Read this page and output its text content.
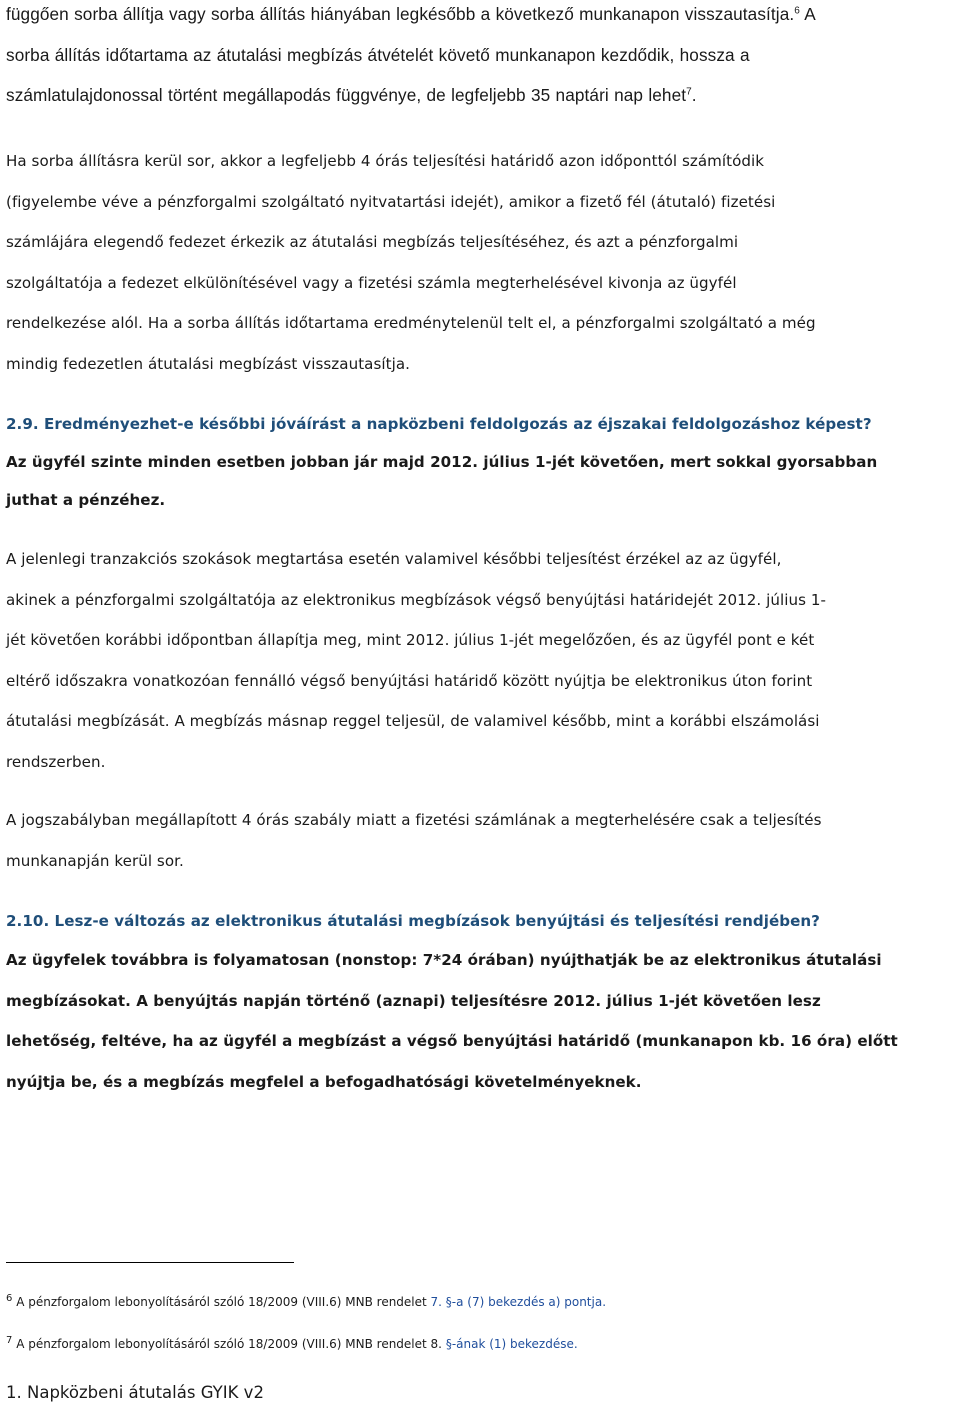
függően sorba állítja vagy sorba állítás hiányában legkésőbb a következő munkanapon visszautasítja.$^6$ A
sorba állítás időtartama az átutalási megbízás átvételét követő munkanapon kezdődik, hossza a
számlatulajdonossal történt megállapodás függvénye, de legfeljebb 35 naptári nap lehet$^7$.

Ha sorba állításra kerül sor, akkor a legfeljebb 4 órás teljesítési határidő azon időponttól számítódik
(figyelembe véve a pénzforgalmi szolgáltató nyitvatartási idejét), amikor a fizető fél (átutaló) fizetési
számlájára elegendő fedezet érkezik az átutalási megbízás teljesítéséhez, és azt a pénzforgalmi
szolgáltatója a fedezet elkülönítésével vagy a fizetési számla megterhelésével kivonja az ügyfél
rendelkezése alól. Ha a sorba állítás időtartama eredménytelenül telt el, a pénzforgalmi szolgáltató a még
mindig fedezetlen átutalási megbízást visszautasítja.
2.9. Eredményezhet-e későbbi jóváírást a napközbeni feldolgozás az éjszakai feldolgozáshoz képest?
Az ügyfél szinte minden esetben jobban jár majd 2012. július 1-jét követően, mert sokkal gyorsabban
juthat a pénzéhez.
A jelenlegi tranzakciós szokások megtartása esetén valamivel későbbi teljesítést érzékel az az ügyfél,
akinek a pénzforgalmi szolgáltatója az elektronikus megbízások végső benyújtási határidejét 2012. július 1-
jét követően korábbi időpontban állapítja meg, mint 2012. július 1-jét megelőzően, és az ügyfél pont e két
eltérő időszakra vonatkozóan fennálló végső benyújtási határidő között nyújtja be elektronikus úton forint
átutalási megbízását. A megbízás másnap reggel teljesül, de valamivel később, mint a korábbi elszámolási
rendszerben.
A jogszabályban megállapított 4 órás szabály miatt a fizetési számlának a megterhelésére csak a teljesítés
munkanapján kerül sor.
2.10. Lesz-e változás az elektronikus átutalási megbízások benyújtási és teljesítési rendjében?
Az ügyfelek továbbra is folyamatosan (nonstop: 7*24 órában) nyújthatják be az elektronikus átutalási
megbízásokat. A benyújtás napján történő (aznapi) teljesítésre 2012. július 1-jét követően lesz
lehetőség, feltéve, ha az ügyfél a megbízást a végső benyújtási határidő (munkanapon kb. 16 óra) előtt
nyújtja be, és a megbízás megfelel a befogadhatósági követelményeknek.
$^6$ A pénzforgalom lebonyolításáról szóló 18/2009 (VIII.6) MNB rendelet 7. §-a (7) bekezdés a) pontja.
$^7$ A pénzforgalom lebonyolításáról szóló 18/2009 (VIII.6) MNB rendelet 8. §-ának (1) bekezdése.
1. Napközbeni átutalás GYIK v2
